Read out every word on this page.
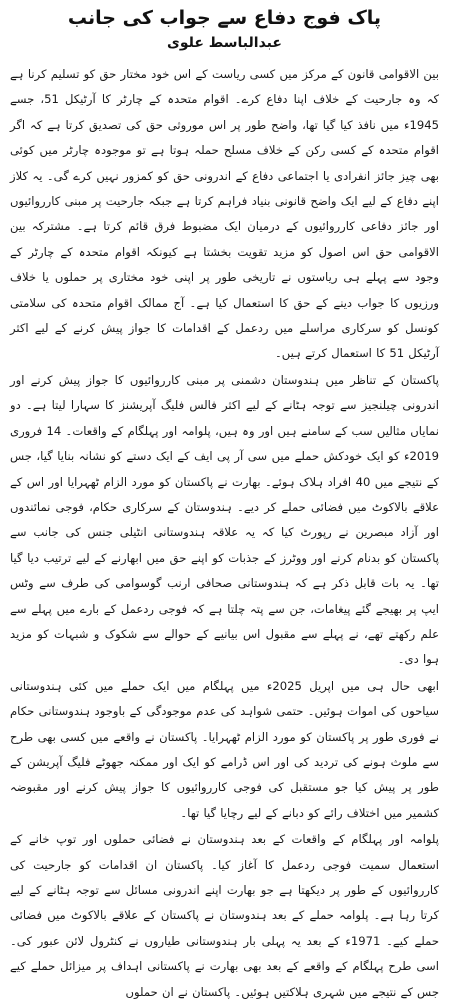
پاک فوج دفاع سے جواب کی جانب
عبدالباسط علوی

بین الاقوامی قانون کے مرکز میں کسی ریاست کے اس خود مختار حق کو تسلیم کرنا ہے کہ وہ جارحیت کے خلاف اپنا دفاع کرے۔ اقوام متحدہ کے چارٹر کا آرٹیکل 51، جسے 1945ء میں نافذ کیا گیا تھا، واضح طور پر اس موروثی حق کی تصدیق کرتا ہے کہ اگر اقوام متحدہ کے کسی رکن کے خلاف مسلح حملہ ہوتا ہے تو موجودہ چارٹر میں کوئی بھی چیز جائز انفرادی یا اجتماعی دفاع کے اندرونی حق کو کمزور نہیں کرے گی۔ یہ کلاز اپنے دفاع کے لیے ایک واضح قانونی بنیاد فراہم کرتا ہے جبکہ جارحیت پر مبنی کارروائیوں اور جائز دفاعی کارروائیوں کے درمیان ایک مضبوط فرق قائم کرتا ہے۔ مشترکہ بین الاقوامی حق اس اصول کو مزید تقویت بخشتا ہے کیونکہ اقوام متحدہ کے چارٹر کے وجود سے پہلے ہی ریاستوں نے تاریخی طور پر اپنی خود مختاری پر حملوں یا خلاف ورزیوں کا جواب دینے کے حق کا استعمال کیا ہے۔ آج ممالک اقوام متحدہ کی سلامتی کونسل کو سرکاری مراسلے میں ردعمل کے اقدامات کا جواز پیش کرنے کے لیے اکثر آرٹیکل 51 کا استعمال کرتے ہیں۔

پاکستان کے تناظر میں ہندوستان دشمنی پر مبنی کارروائیوں کا جواز پیش کرنے اور اندرونی چیلنجیز سے توجہ ہٹانے کے لیے اکثر فالس فلیگ آپریشنز کا سہارا لیتا ہے۔ دو نمایاں مثالیں سب کے سامنے ہیں اور وہ ہیں، پلوامہ اور پہلگام کے واقعات۔ 14 فروری 2019ء کو ایک خودکش حملے میں سی آر پی ایف کے ایک دستے کو نشانہ بنایا گیا، جس کے نتیجے میں 40 افراد ہلاک ہوئے۔ بھارت نے پاکستان کو مورد الزام ٹھہرایا اور اس کے علاقے بالاکوٹ میں فضائی حملے کر دیے۔ ہندوستان کے سرکاری حکام، فوجی نمائندوں اور آزاد مبصرین نے رپورٹ کیا کہ یہ علاقہ ہندوستانی انٹیلی جنس کی جانب سے پاکستان کو بدنام کرنے اور ووٹرز کے جذبات کو اپنے حق میں ابھارنے کے لیے ترتیب دیا گیا تھا۔ یہ بات قابل ذکر ہے کہ ہندوستانی صحافی ارنب گوسوامی کی طرف سے وٹس ایپ پر بھیجے گئے پیغامات، جن سے پتہ چلتا ہے کہ فوجی ردعمل کے بارے میں پہلے سے علم رکھتے تھے، نے پہلے سے مقبول اس بیانیے کے حوالے سے شکوک و شبہات کو مزید ہوا دی۔

ابھی حال ہی میں اپریل 2025ء میں پہلگام میں ایک حملے میں کئی ہندوستانی سیاحوں کی اموات ہوئیں۔ حتمی شواہد کی عدم موجودگی کے باوجود ہندوستانی حکام نے فوری طور پر پاکستان کو مورد الزام ٹھہرایا۔ پاکستان نے واقعے میں کسی بھی طرح سے ملوث ہونے کی تردید کی اور اس ڈرامے کو ایک اور ممکنہ جھوٹے فلیگ آپریشن کے طور پر پیش کیا جو مستقبل کی فوجی کارروائیوں کا جواز پیش کرنے اور مقبوضہ کشمیر میں اختلاف رائے کو دبانے کے لیے رچایا گیا تھا۔

پلوامہ اور پہلگام کے واقعات کے بعد ہندوستان نے فضائی حملوں اور توپ خانے کے استعمال سمیت فوجی ردعمل کا آغاز کیا۔ پاکستان ان اقدامات کو جارحیت کی کارروائیوں کے طور پر دیکھتا ہے جو بھارت اپنے اندرونی مسائل سے توجہ ہٹانے کے لیے کرتا رہا ہے۔ پلوامہ حملے کے بعد ہندوستان نے پاکستان کے علاقے بالاکوٹ میں فضائی حملے کیے۔ 1971ء کے بعد یہ پہلی بار ہندوستانی طیاروں نے کنٹرول لائن عبور کی۔ اسی طرح پہلگام کے واقعے کے بعد بھی بھارت نے پاکستانی اہداف پر میزائل حملے کیے جس کے نتیجے میں شہری ہلاکتیں ہوئیں۔ پاکستان نے ان حملوں
